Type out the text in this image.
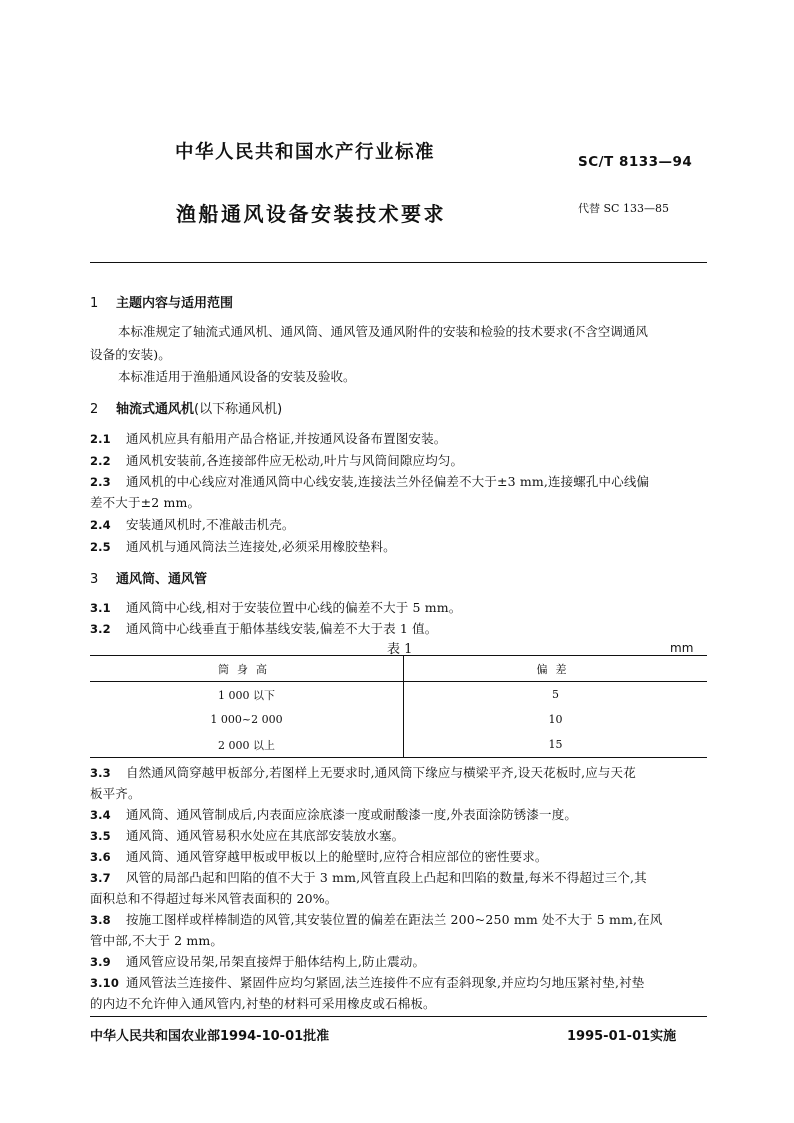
中华人民共和国水产行业标准	SC/T 8133—94
渔船通风设备安装技术要求	代替 SC 133—85
1 主题内容与适用范围
本标准规定了轴流式通风机、通风筒、通风管及通风附件的安装和检验的技术要求(不含空调通风
设备的安装)。
本标准适用于渔船通风设备的安装及验收。
2 轴流式通风机(以下称通风机)
2.1 通风机应具有船用产品合格证,并按通风设备布置图安装。
2.2 通风机安装前,各连接部件应无松动,叶片与风筒间隙应均匀。
2.3 通风机的中心线应对准通风筒中心线安装,连接法兰外径偏差不大于±3 mm,连接螺孔中心线偏
差不大于±2 mm。
2.4 安装通风机时,不准敲击机壳。
2.5 通风机与通风筒法兰连接处,必须采用橡胶垫料。
3 通风筒、通风管
3.1 通风筒中心线,相对于安装位置中心线的偏差不大于 5 mm。
3.2 通风筒中心线垂直于船体基线安装,偏差不大于表 1 值。
表 1	mm
筒身高	偏差
1 000 以下	5
1 000~2 000	10
2 000 以上	15
3.3 自然通风筒穿越甲板部分,若图样上无要求时,通风筒下缘应与横梁平齐,设天花板时,应与天花
板平齐。
3.4 通风筒、通风管制成后,内表面应涂底漆一度或耐酸漆一度,外表面涂防锈漆一度。
3.5 通风筒、通风管易积水处应在其底部安装放水塞。
3.6 通风筒、通风管穿越甲板或甲板以上的舱壁时,应符合相应部位的密性要求。
3.7 风管的局部凸起和凹陷的值不大于 3 mm,风管直段上凸起和凹陷的数量,每米不得超过三个,其
面积总和不得超过每米风管表面积的 20%。
3.8 按施工图样或样棒制造的风管,其安装位置的偏差在距法兰 200~250 mm 处不大于 5 mm,在风
管中部,不大于 2 mm。
3.9 通风管应设吊架,吊架直接焊于船体结构上,防止震动。
3.10 通风管法兰连接件、紧固件应均匀紧固,法兰连接件不应有歪斜现象,并应均匀地压紧衬垫,衬垫
的内边不允许伸入通风管内,衬垫的材料可采用橡皮或石棉板。
中华人民共和国农业部1994-10-01批准	1995-01-01实施
